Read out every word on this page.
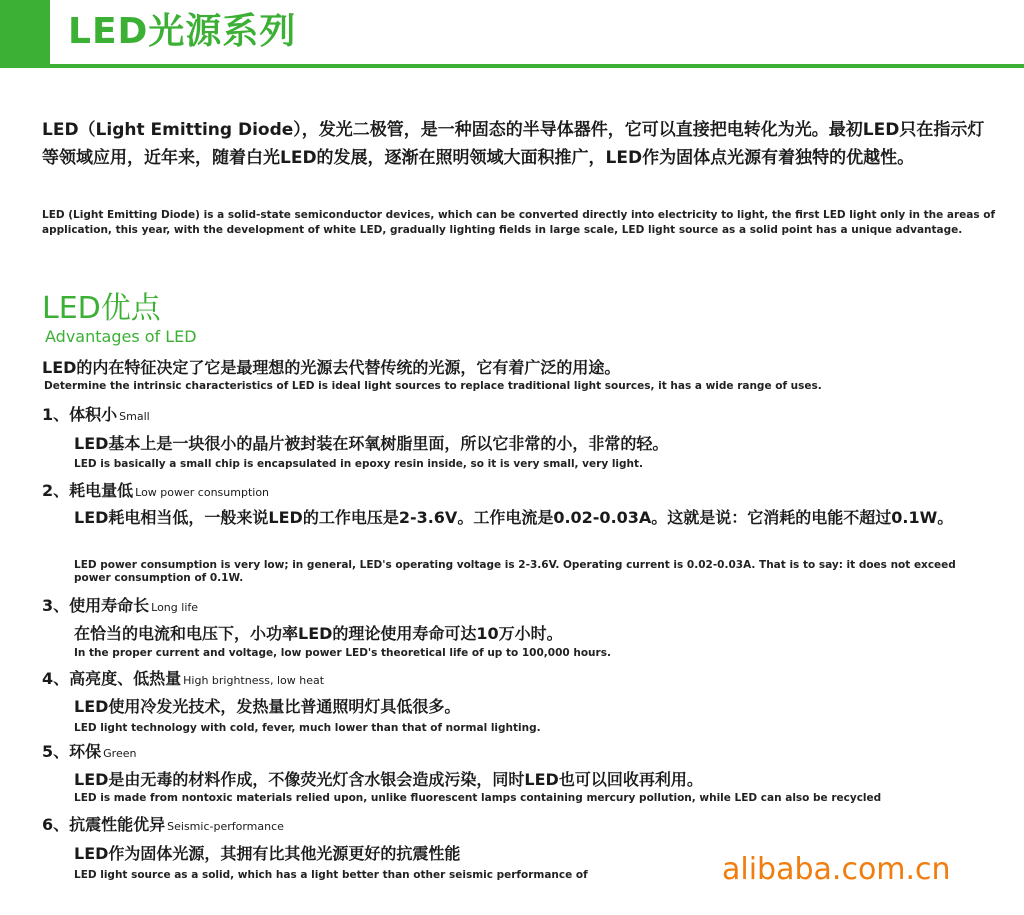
LED光源系列
LED（Light Emitting Diode），发光二极管，是一种固态的半导体器件，它可以直接把电转化为光。最初LED只在指示灯等领域应用，近年来，随着白光LED的发展，逐渐在照明领域大面积推广，LED作为固体点光源有着独特的优越性。
LED (Light Emitting Diode) is a solid-state semiconductor devices, which can be converted directly into electricity to light, the first LED light only in the areas of application, this year, with the development of white LED, gradually lighting fields in large scale, LED light source as a solid point has a unique advantage.
LED优点
Advantages of LED
LED的内在特征决定了它是最理想的光源去代替传统的光源，它有着广泛的用途。
Determine the intrinsic characteristics of LED is ideal light sources to replace traditional light sources, it has a wide range of uses.
1、体积小 Small
LED基本上是一块很小的晶片被封装在环氧树脂里面，所以它非常的小，非常的轻。
LED is basically a small chip is encapsulated in epoxy resin inside, so it is very small, very light.
2、耗电量低 Low power consumption
LED耗电相当低，一般来说LED的工作电压是2-3.6V。工作电流是0.02-0.03A。这就是说：它消耗的电能不超过0.1W。
LED power consumption is very low; in general, LED's operating voltage is 2-3.6V. Operating current is 0.02-0.03A. That is to say: it does not exceed power consumption of 0.1W.
3、使用寿命长 Long life
在恰当的电流和电压下，小功率LED的理论使用寿命可达10万小时。
In the proper current and voltage, low power LED's theoretical life of up to 100,000 hours.
4、高亮度、低热量 High brightness, low heat
LED使用冷发光技术，发热量比普通照明灯具低很多。
LED light technology with cold, fever, much lower than that of normal lighting.
5、环保 Green
LED是由无毒的材料作成，不像荧光灯含水银会造成污染，同时LED也可以回收再利用。
LED is made from nontoxic materials relied upon, unlike fluorescent lamps containing mercury pollution, while LED can also be recycled
6、抗震性能优异 Seismic-performance
LED作为固体光源，其拥有比其他光源更好的抗震性能
LED light source as a solid, which has a light better than other seismic performance of	alibaba.com.cn
